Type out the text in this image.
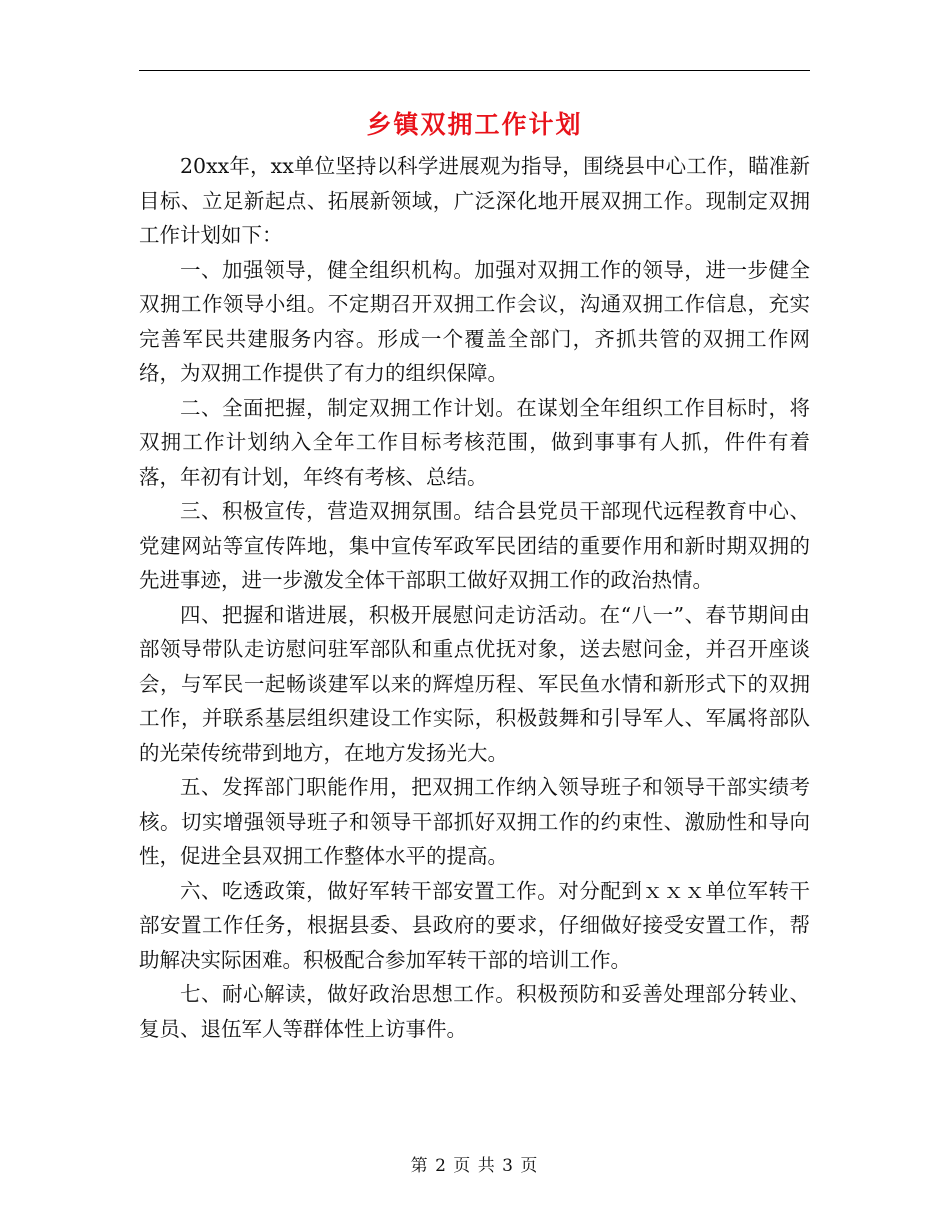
乡镇双拥工作计划

20xx年，xx单位坚持以科学进展观为指导，围绕县中心工作，瞄准新目标、立足新起点、拓展新领域，广泛深化地开展双拥工作。现制定双拥工作计划如下：

一、加强领导，健全组织机构。加强对双拥工作的领导，进一步健全双拥工作领导小组。不定期召开双拥工作会议，沟通双拥工作信息，充实完善军民共建服务内容。形成一个覆盖全部门，齐抓共管的双拥工作网络，为双拥工作提供了有力的组织保障。

二、全面把握，制定双拥工作计划。在谋划全年组织工作目标时，将双拥工作计划纳入全年工作目标考核范围，做到事事有人抓，件件有着落，年初有计划，年终有考核、总结。

三、积极宣传，营造双拥氛围。结合县党员干部现代远程教育中心、党建网站等宣传阵地，集中宣传军政军民团结的重要作用和新时期双拥的先进事迹，进一步激发全体干部职工做好双拥工作的政治热情。

四、把握和谐进展，积极开展慰问走访活动。在“八一”、春节期间由部领导带队走访慰问驻军部队和重点优抚对象，送去慰问金，并召开座谈会，与军民一起畅谈建军以来的辉煌历程、军民鱼水情和新形式下的双拥工作，并联系基层组织建设工作实际，积极鼓舞和引导军人、军属将部队的光荣传统带到地方，在地方发扬光大。

五、发挥部门职能作用，把双拥工作纳入领导班子和领导干部实绩考核。切实增强领导班子和领导干部抓好双拥工作的约束性、激励性和导向性，促进全县双拥工作整体水平的提高。

六、吃透政策，做好军转干部安置工作。对分配到ｘｘｘ单位军转干部安置工作任务，根据县委、县政府的要求，仔细做好接受安置工作，帮助解决实际困难。积极配合参加军转干部的培训工作。

七、耐心解读，做好政治思想工作。积极预防和妥善处理部分转业、复员、退伍军人等群体性上访事件。

第 2 页 共 3 页
